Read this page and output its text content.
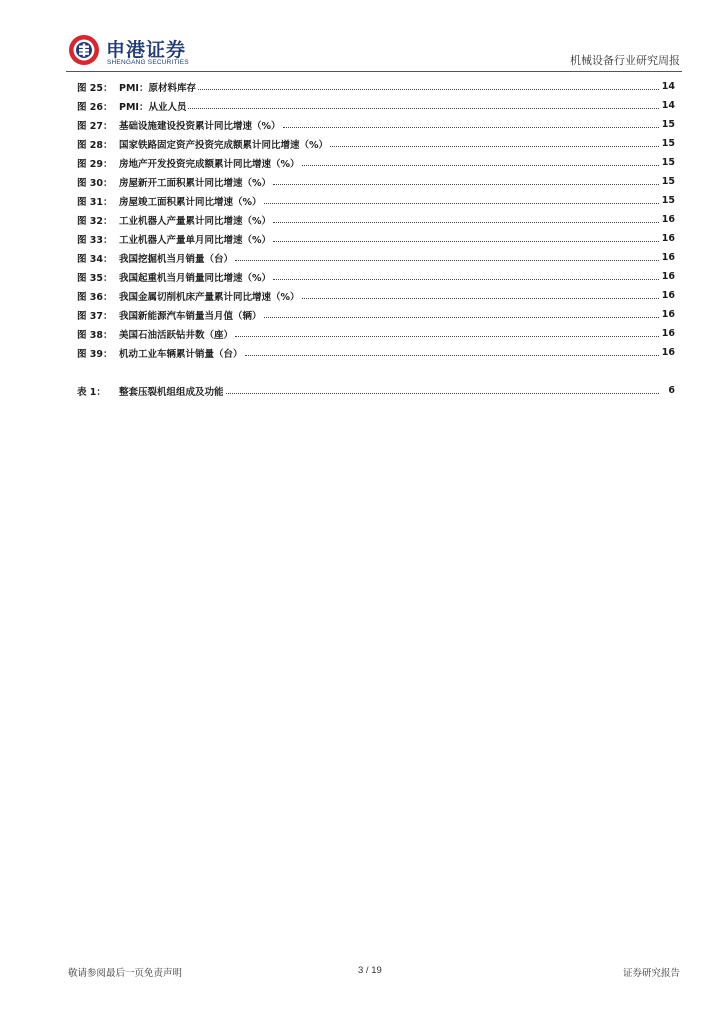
申港证券
SHENGANG SECURITIES	机械设备行业研究周报
图 25： PMI：原材料库存	14
图 26： PMI：从业人员	14
图 27： 基础设施建设投资累计同比增速（%）	15
图 28： 国家铁路固定资产投资完成额累计同比增速（%）	15
图 29： 房地产开发投资完成额累计同比增速（%）	15
图 30： 房屋新开工面积累计同比增速（%）	15
图 31： 房屋竣工面积累计同比增速（%）	15
图 32： 工业机器人产量累计同比增速（%）	16
图 33： 工业机器人产量单月同比增速（%）	16
图 34： 我国挖掘机当月销量（台）	16
图 35： 我国起重机当月销量同比增速（%）	16
图 36： 我国金属切削机床产量累计同比增速（%）	16
图 37： 我国新能源汽车销量当月值（辆）	16
图 38： 美国石油活跃钻井数（座）	16
图 39： 机动工业车辆累计销量（台）	16
表 1：	整套压裂机组组成及功能	6
敬请参阅最后一页免责声明	3 / 19	证券研究报告
